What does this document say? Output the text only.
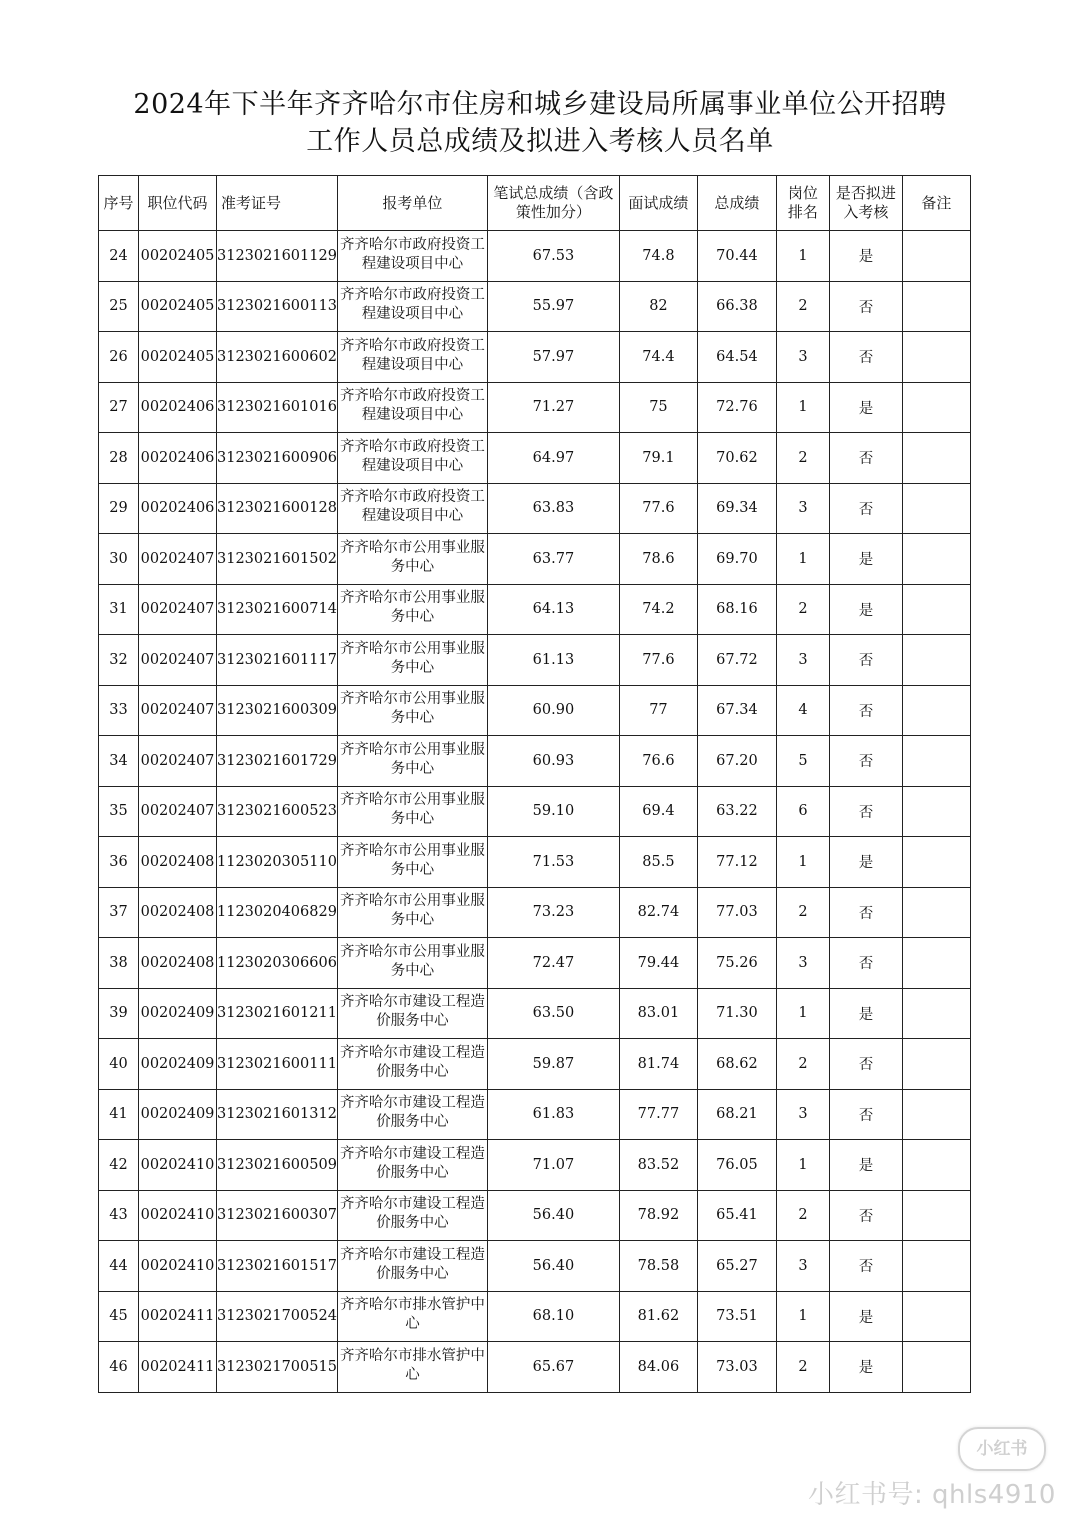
2024年下半年齐齐哈尔市住房和城乡建设局所属事业单位公开招聘
工作人员总成绩及拟进入考核人员名单
序号	职位代码	准考证号	报考单位	笔试总成绩（含政策性加分）	面试成绩	总成绩	岗位排名	是否拟进入考核	备注
24	00202405	3123021601129	齐齐哈尔市政府投资工程建设项目中心	67.53	74.8	70.44	1	是	
25	00202405	3123021600113	齐齐哈尔市政府投资工程建设项目中心	55.97	82	66.38	2	否	
26	00202405	3123021600602	齐齐哈尔市政府投资工程建设项目中心	57.97	74.4	64.54	3	否	
27	00202406	3123021601016	齐齐哈尔市政府投资工程建设项目中心	71.27	75	72.76	1	是	
28	00202406	3123021600906	齐齐哈尔市政府投资工程建设项目中心	64.97	79.1	70.62	2	否	
29	00202406	3123021600128	齐齐哈尔市政府投资工程建设项目中心	63.83	77.6	69.34	3	否	
30	00202407	3123021601502	齐齐哈尔市公用事业服务中心	63.77	78.6	69.70	1	是	
31	00202407	3123021600714	齐齐哈尔市公用事业服务中心	64.13	74.2	68.16	2	是	
32	00202407	3123021601117	齐齐哈尔市公用事业服务中心	61.13	77.6	67.72	3	否	
33	00202407	3123021600309	齐齐哈尔市公用事业服务中心	60.90	77	67.34	4	否	
34	00202407	3123021601729	齐齐哈尔市公用事业服务中心	60.93	76.6	67.20	5	否	
35	00202407	3123021600523	齐齐哈尔市公用事业服务中心	59.10	69.4	63.22	6	否	
36	00202408	1123020305110	齐齐哈尔市公用事业服务中心	71.53	85.5	77.12	1	是	
37	00202408	1123020406829	齐齐哈尔市公用事业服务中心	73.23	82.74	77.03	2	否	
38	00202408	1123020306606	齐齐哈尔市公用事业服务中心	72.47	79.44	75.26	3	否	
39	00202409	3123021601211	齐齐哈尔市建设工程造价服务中心	63.50	83.01	71.30	1	是	
40	00202409	3123021600111	齐齐哈尔市建设工程造价服务中心	59.87	81.74	68.62	2	否	
41	00202409	3123021601312	齐齐哈尔市建设工程造价服务中心	61.83	77.77	68.21	3	否	
42	00202410	3123021600509	齐齐哈尔市建设工程造价服务中心	71.07	83.52	76.05	1	是	
43	00202410	3123021600307	齐齐哈尔市建设工程造价服务中心	56.40	78.92	65.41	2	否	
44	00202410	3123021601517	齐齐哈尔市建设工程造价服务中心	56.40	78.58	65.27	3	否	
45	00202411	3123021700524	齐齐哈尔市排水管护中心	68.10	81.62	73.51	1	是	
46	00202411	3123021700515	齐齐哈尔市排水管护中心	65.67	84.06	73.03	2	是	
小红书
小红书号: qhls4910
